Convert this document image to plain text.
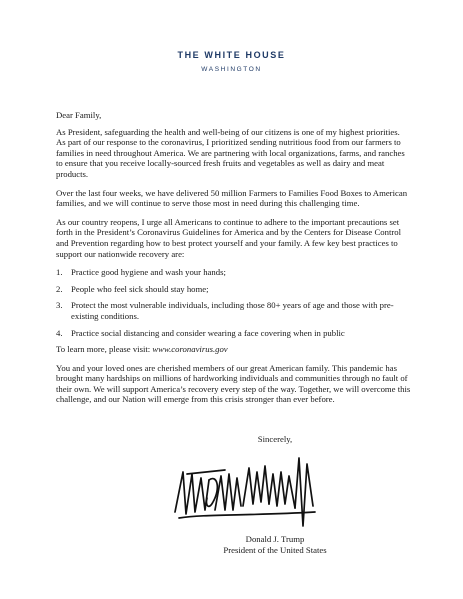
THE WHITE HOUSE
WASHINGTON

Dear Family,

As President, safeguarding the health and well-being of our citizens is one of my highest priorities. As part of our response to the coronavirus, I prioritized sending nutritious food from our farmers to families in need throughout America. We are partnering with local organizations, farms, and ranches to ensure that you receive locally-sourced fresh fruits and vegetables as well as dairy and meat products.

Over the last four weeks, we have delivered 50 million Farmers to Families Food Boxes to American families, and we will continue to serve those most in need during this challenging time.

As our country reopens, I urge all Americans to continue to adhere to the important precautions set forth in the President’s Coronavirus Guidelines for America and by the Centers for Disease Control and Prevention regarding how to best protect yourself and your family. A few key best practices to support our nationwide recovery are:

1. Practice good hygiene and wash your hands;
2. People who feel sick should stay home;
3. Protect the most vulnerable individuals, including those 80+ years of age and those with pre-existing conditions.
4. Practice social distancing and consider wearing a face covering when in public

To learn more, please visit: www.coronavirus.gov

You and your loved ones are cherished members of our great American family. This pandemic has brought many hardships on millions of hardworking individuals and communities through no fault of their own. We will support America’s recovery every step of the way. Together, we will overcome this challenge, and our Nation will emerge from this crisis stronger than ever before.

Sincerely,
Donald J. Trump
President of the United States
